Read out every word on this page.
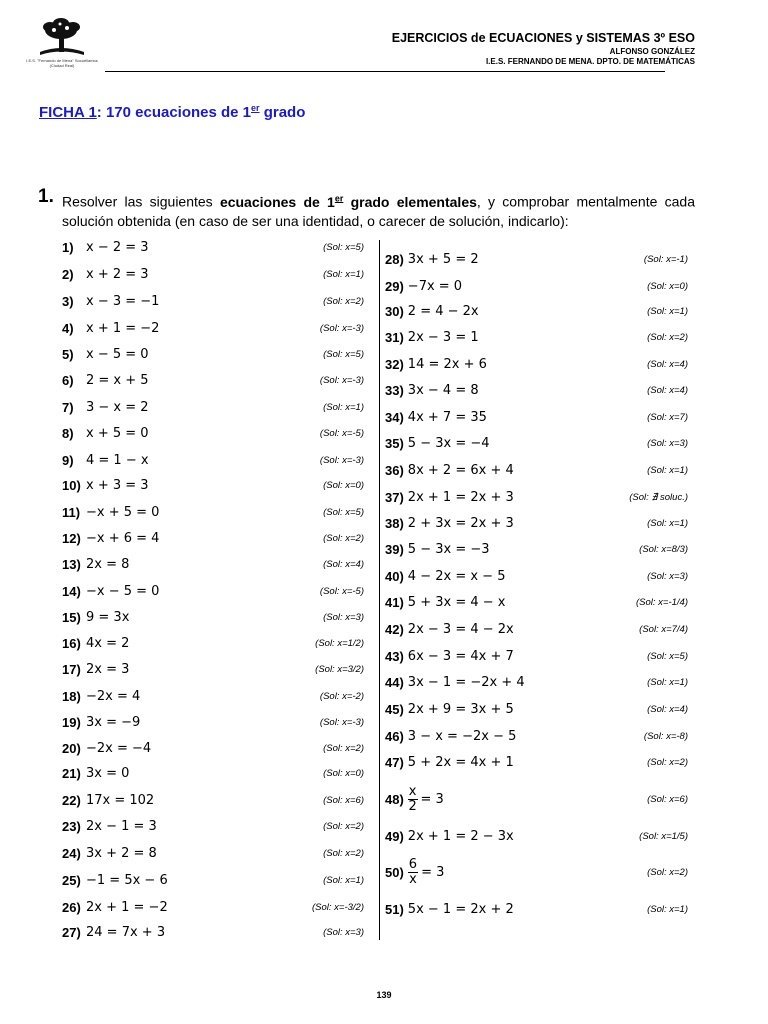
I.E.S. "Fernando de Mena" Socuéllamos (Ciudad Real)
EJERCICIOS de ECUACIONES y SISTEMAS 3º ESO
ALFONSO GONZÁLEZ
I.E.S. FERNANDO DE MENA. DPTO. DE MATEMÁTICAS
FICHA 1: 170 ecuaciones de 1er grado
1. Resolver las siguientes ecuaciones de 1er grado elementales, y comprobar mentalmente cada solución obtenida (en caso de ser una identidad, o carecer de solución, indicarlo):
1) x − 2 = 3	(Sol: x=5)
2) x + 2 = 3	(Sol: x=1)
3) x − 3 = −1	(Sol: x=2)
4) x + 1 = −2	(Sol: x=-3)
5) x − 5 = 0	(Sol: x=5)
6) 2 = x + 5	(Sol: x=-3)
7) 3 − x = 2	(Sol: x=1)
8) x + 5 = 0	(Sol: x=-5)
9) 4 = 1 − x	(Sol: x=-3)
10) x + 3 = 3	(Sol: x=0)
11) −x + 5 = 0	(Sol: x=5)
12) −x + 6 = 4	(Sol: x=2)
13) 2x = 8	(Sol: x=4)
14) −x − 5 = 0	(Sol: x=-5)
15) 9 = 3x	(Sol: x=3)
16) 4x = 2	(Sol: x=1/2)
17) 2x = 3	(Sol: x=3/2)
18) −2x = 4	(Sol: x=-2)
19) 3x = −9	(Sol: x=-3)
20) −2x = −4	(Sol: x=2)
21) 3x = 0	(Sol: x=0)
22) 17x = 102	(Sol: x=6)
23) 2x − 1 = 3	(Sol: x=2)
24) 3x + 2 = 8	(Sol: x=2)
25) −1 = 5x − 6	(Sol: x=1)
26) 2x + 1 = −2	(Sol: x=-3/2)
27) 24 = 7x + 3	(Sol: x=3)
28) 3x + 5 = 2	(Sol: x=-1)
29) −7x = 0	(Sol: x=0)
30) 2 = 4 − 2x	(Sol: x=1)
31) 2x − 3 = 1	(Sol: x=2)
32) 14 = 2x + 6	(Sol: x=4)
33) 3x − 4 = 8	(Sol: x=4)
34) 4x + 7 = 35	(Sol: x=7)
35) 5 − 3x = −4	(Sol: x=3)
36) 8x + 2 = 6x + 4	(Sol: x=1)
37) 2x + 1 = 2x + 3	(Sol: ∄ soluc.)
38) 2 + 3x = 2x + 3	(Sol: x=1)
39) 5 − 3x = −3	(Sol: x=8/3)
40) 4 − 2x = x − 5	(Sol: x=3)
41) 5 + 3x = 4 − x	(Sol: x=-1/4)
42) 2x − 3 = 4 − 2x	(Sol: x=7/4)
43) 6x − 3 = 4x + 7	(Sol: x=5)
44) 3x − 1 = −2x + 4	(Sol: x=1)
45) 2x + 9 = 3x + 5	(Sol: x=4)
46) 3 − x = −2x − 5	(Sol: x=-8)
47) 5 + 2x = 4x + 1	(Sol: x=2)
$48) \frac{x}{2} = 3$	(Sol: x=6)
49) 2x + 1 = 2 − 3x	(Sol: x=1/5)
$50) \frac{6}{x} = 3$	(Sol: x=2)
51) 5x − 1 = 2x + 2	(Sol: x=1)
139
